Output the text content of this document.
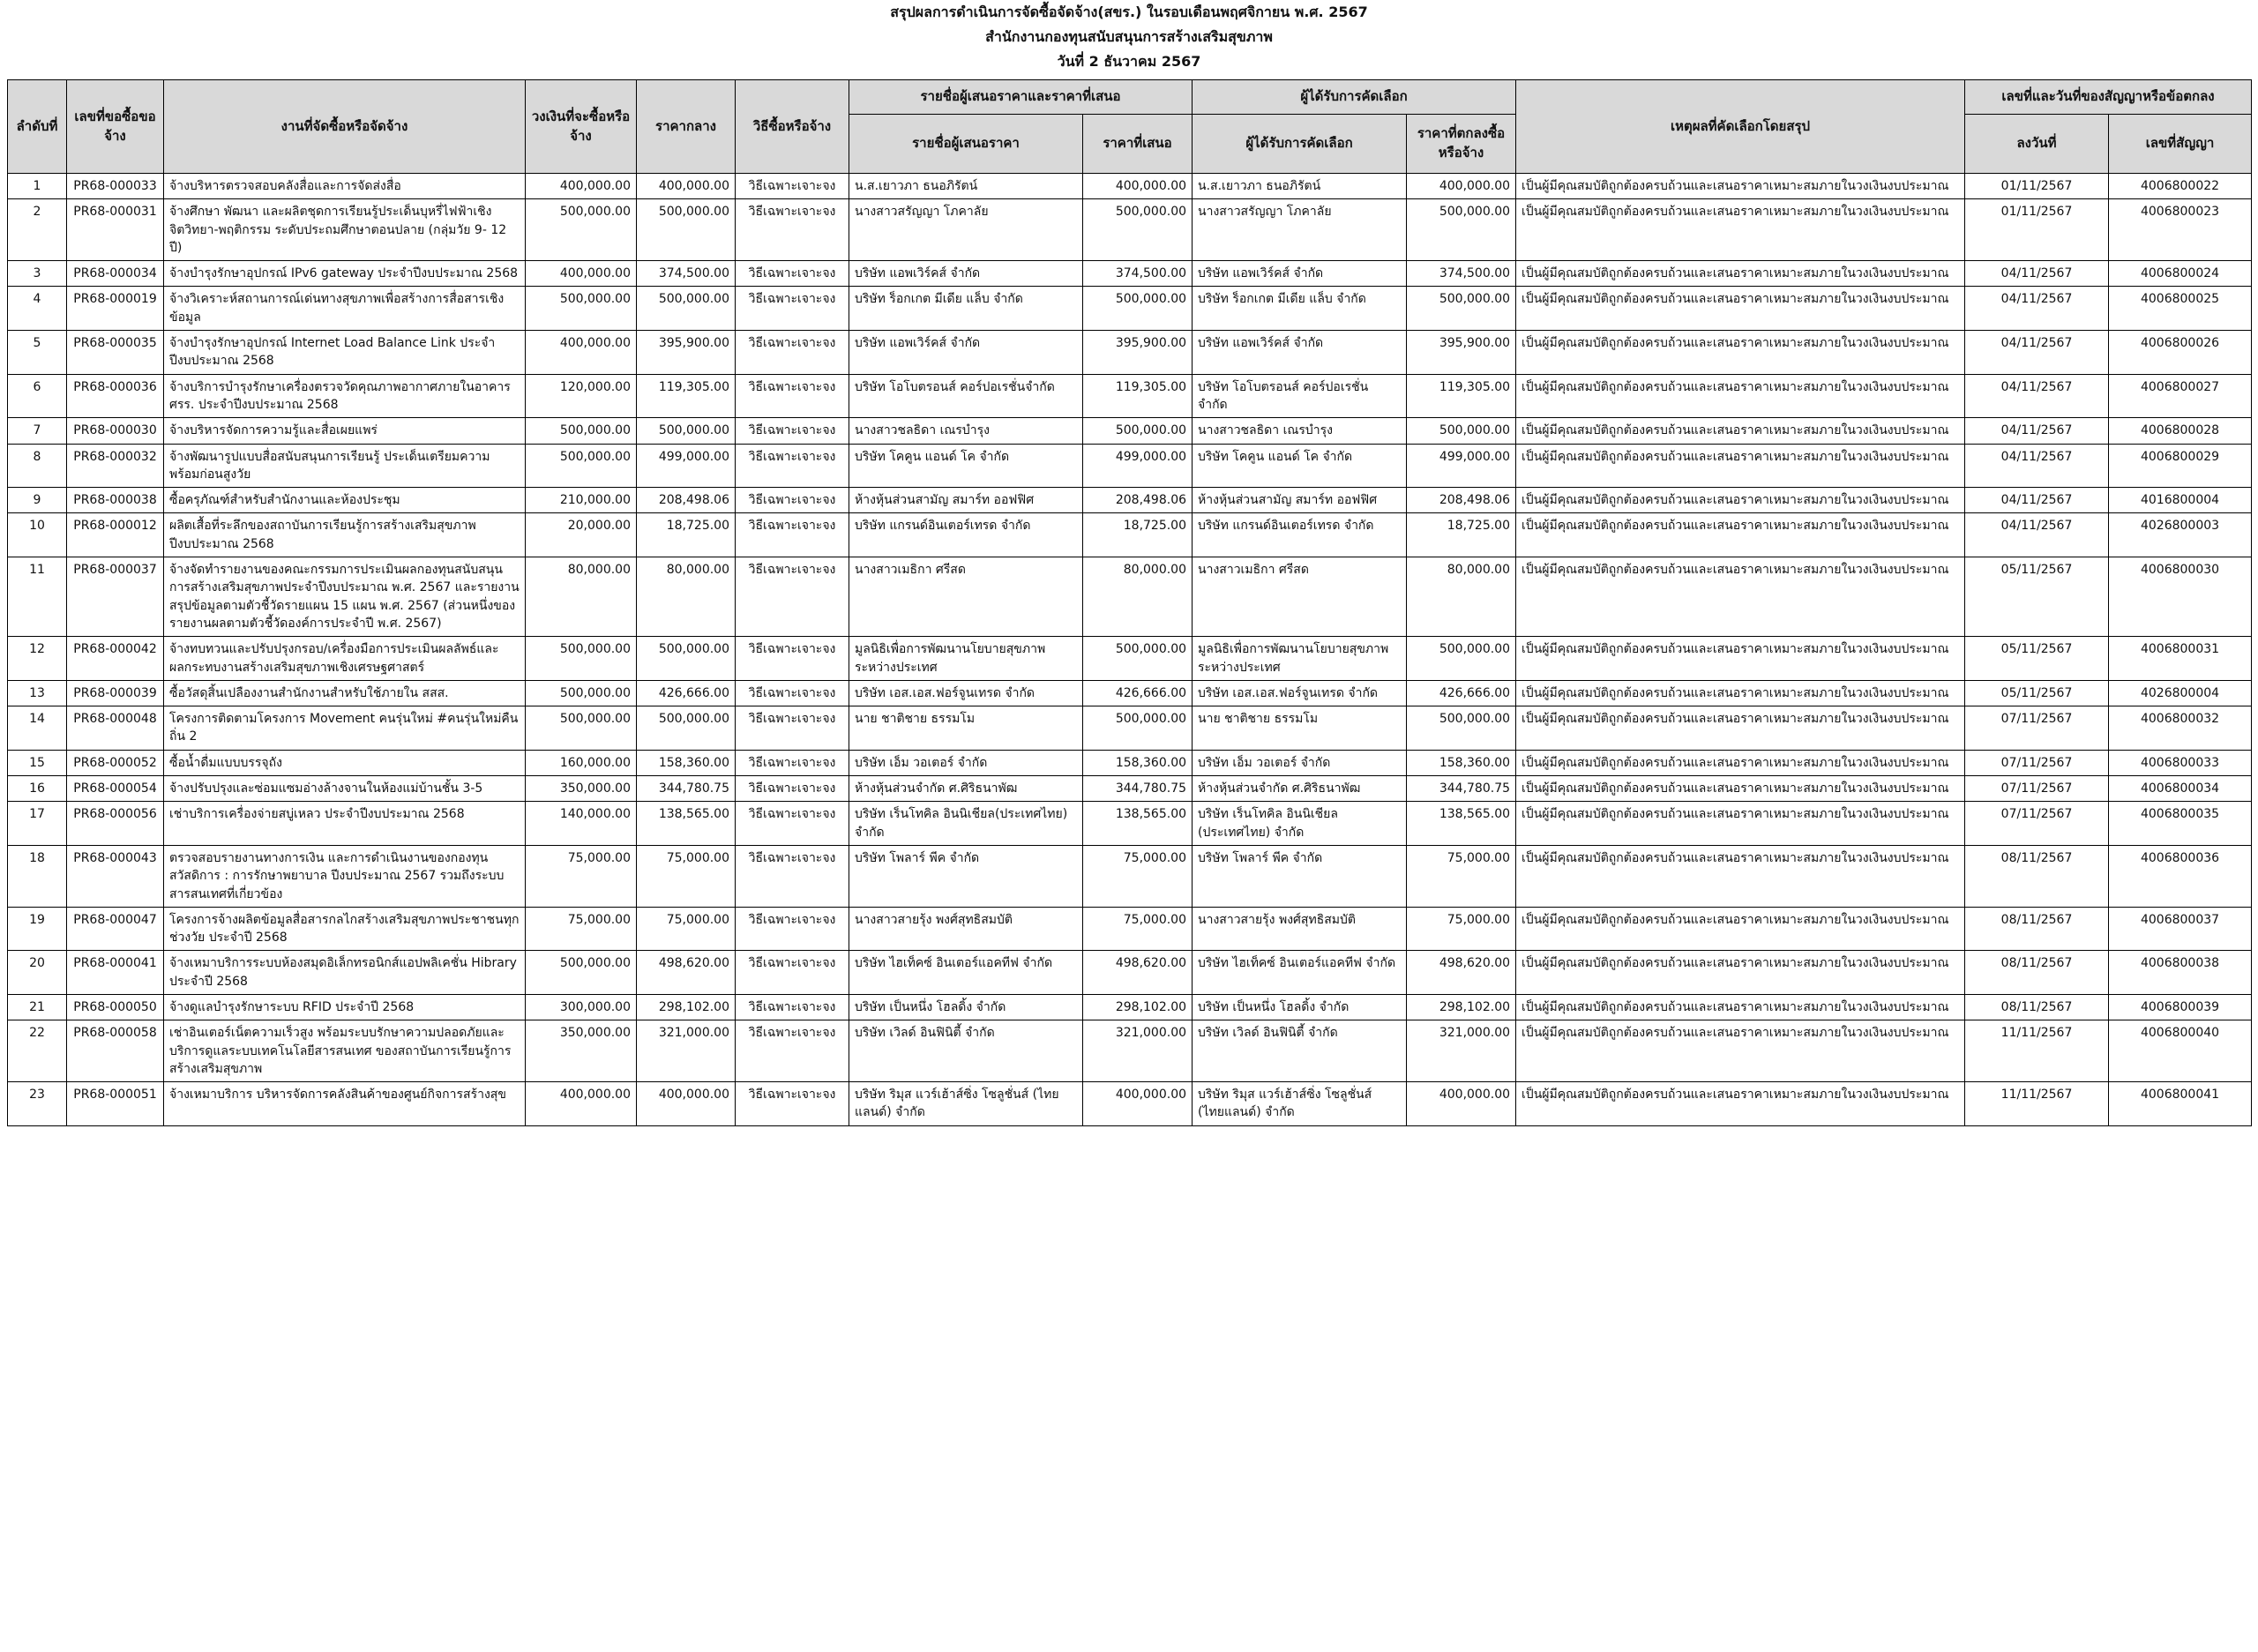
สรุปผลการดำเนินการจัดซื้อจัดจ้าง(สขร.) ในรอบเดือนพฤศจิกายน พ.ศ. 2567
สำนักงานกองทุนสนับสนุนการสร้างเสริมสุขภาพ
วันที่ 2 ธันวาคม 2567
ลำดับที่	เลขที่ขอซื้อขอจ้าง	งานที่จัดซื้อหรือจัดจ้าง	วงเงินที่จะซื้อหรือจ้าง	ราคากลาง	วิธีซื้อหรือจ้าง	รายชื่อผู้เสนอราคาและราคาที่เสนอ		ผู้ได้รับการคัดเลือก		เหตุผลที่คัดเลือกโดยสรุป	เลขที่และวันที่ของสัญญาหรือข้อตกลง	
						รายชื่อผู้เสนอราคา	ราคาที่เสนอ	ผู้ได้รับการคัดเลือก	ราคาที่ตกลงซื้อหรือจ้าง		ลงวันที่	เลขที่สัญญา
1	PR68-000033	จ้างบริหารตรวจสอบคลังสื่อและการจัดส่งสื่อ	400,000.00	400,000.00	วิธีเฉพาะเจาะจง	น.ส.เยาวภา ธนอภิรัตน์	400,000.00	น.ส.เยาวภา ธนอภิรัตน์	400,000.00	เป็นผู้มีคุณสมบัติถูกต้องครบถ้วนและเสนอราคาเหมาะสมภายในวงเงินงบประมาณ	01/11/2567	4006800022
2	PR68-000031	จ้างศึกษา พัฒนา และผลิตชุดการเรียนรู้ประเด็นบุหรี่ไฟฟ้าเชิงจิตวิทยา-พฤติกรรม ระดับประถมศึกษาตอนปลาย (กลุ่มวัย 9- 12 ปี)	500,000.00	500,000.00	วิธีเฉพาะเจาะจง	นางสาวสรัญญา โภคาลัย	500,000.00	นางสาวสรัญญา โภคาลัย	500,000.00	เป็นผู้มีคุณสมบัติถูกต้องครบถ้วนและเสนอราคาเหมาะสมภายในวงเงินงบประมาณ	01/11/2567	4006800023
3	PR68-000034	จ้างบำรุงรักษาอุปกรณ์ IPv6 gateway ประจำปีงบประมาณ 2568	400,000.00	374,500.00	วิธีเฉพาะเจาะจง	บริษัท แอพเวิร์คส์ จำกัด	374,500.00	บริษัท แอพเวิร์คส์ จำกัด	374,500.00	เป็นผู้มีคุณสมบัติถูกต้องครบถ้วนและเสนอราคาเหมาะสมภายในวงเงินงบประมาณ	04/11/2567	4006800024
4	PR68-000019	จ้างวิเคราะห์สถานการณ์เด่นทางสุขภาพเพื่อสร้างการสื่อสารเชิงข้อมูล	500,000.00	500,000.00	วิธีเฉพาะเจาะจง	บริษัท ร็อกเกต มีเดีย แล็บ จำกัด	500,000.00	บริษัท ร็อกเกต มีเดีย แล็บ จำกัด	500,000.00	เป็นผู้มีคุณสมบัติถูกต้องครบถ้วนและเสนอราคาเหมาะสมภายในวงเงินงบประมาณ	04/11/2567	4006800025
5	PR68-000035	จ้างบำรุงรักษาอุปกรณ์ Internet Load Balance Link ประจำปีงบประมาณ 2568	400,000.00	395,900.00	วิธีเฉพาะเจาะจง	บริษัท แอพเวิร์คส์ จำกัด	395,900.00	บริษัท แอพเวิร์คส์ จำกัด	395,900.00	เป็นผู้มีคุณสมบัติถูกต้องครบถ้วนและเสนอราคาเหมาะสมภายในวงเงินงบประมาณ	04/11/2567	4006800026
6	PR68-000036	จ้างบริการบำรุงรักษาเครื่องตรวจวัดคุณภาพอากาศภายในอาคาร ศรร. ประจำปีงบประมาณ 2568	120,000.00	119,305.00	วิธีเฉพาะเจาะจง	บริษัท โอโบตรอนส์ คอร์ปอเรชั่นจำกัด	119,305.00	บริษัท โอโบตรอนส์ คอร์ปอเรชั่น จำกัด	119,305.00	เป็นผู้มีคุณสมบัติถูกต้องครบถ้วนและเสนอราคาเหมาะสมภายในวงเงินงบประมาณ	04/11/2567	4006800027
7	PR68-000030	จ้างบริหารจัดการความรู้และสื่อเผยแพร่	500,000.00	500,000.00	วิธีเฉพาะเจาะจง	นางสาวชลธิดา เณรบำรุง	500,000.00	นางสาวชลธิดา เณรบำรุง	500,000.00	เป็นผู้มีคุณสมบัติถูกต้องครบถ้วนและเสนอราคาเหมาะสมภายในวงเงินงบประมาณ	04/11/2567	4006800028
8	PR68-000032	จ้างพัฒนารูปแบบสื่อสนับสนุนการเรียนรู้ ประเด็นเตรียมความพร้อมก่อนสูงวัย	500,000.00	499,000.00	วิธีเฉพาะเจาะจง	บริษัท โคคูน แอนด์ โค จำกัด	499,000.00	บริษัท โคคูน แอนด์ โค จำกัด	499,000.00	เป็นผู้มีคุณสมบัติถูกต้องครบถ้วนและเสนอราคาเหมาะสมภายในวงเงินงบประมาณ	04/11/2567	4006800029
9	PR68-000038	ซื้อครุภัณฑ์สำหรับสำนักงานและห้องประชุม	210,000.00	208,498.06	วิธีเฉพาะเจาะจง	ห้างหุ้นส่วนสามัญ สมาร์ท ออฟฟิศ	208,498.06	ห้างหุ้นส่วนสามัญ สมาร์ท ออฟฟิศ	208,498.06	เป็นผู้มีคุณสมบัติถูกต้องครบถ้วนและเสนอราคาเหมาะสมภายในวงเงินงบประมาณ	04/11/2567	4016800004
10	PR68-000012	ผลิตเสื้อที่ระลึกของสถาบันการเรียนรู้การสร้างเสริมสุขภาพ ปีงบประมาณ 2568	20,000.00	18,725.00	วิธีเฉพาะเจาะจง	บริษัท แกรนด์อินเตอร์เทรด จำกัด	18,725.00	บริษัท แกรนด์อินเตอร์เทรด จำกัด	18,725.00	เป็นผู้มีคุณสมบัติถูกต้องครบถ้วนและเสนอราคาเหมาะสมภายในวงเงินงบประมาณ	04/11/2567	4026800003
11	PR68-000037	จ้างจัดทำรายงานของคณะกรรมการประเมินผลกองทุนสนับสนุนการสร้างเสริมสุขภาพประจำปีงบประมาณ พ.ศ. 2567 และรายงานสรุปข้อมูลตามตัวชี้วัดรายแผน 15 แผน พ.ศ. 2567 (ส่วนหนึ่งของรายงานผลตามตัวชี้วัดองค์การประจำปี พ.ศ. 2567)	80,000.00	80,000.00	วิธีเฉพาะเจาะจง	นางสาวเมธิกา ศรีสด	80,000.00	นางสาวเมธิกา ศรีสด	80,000.00	เป็นผู้มีคุณสมบัติถูกต้องครบถ้วนและเสนอราคาเหมาะสมภายในวงเงินงบประมาณ	05/11/2567	4006800030
12	PR68-000042	จ้างทบทวนและปรับปรุงกรอบ/เครื่องมือการประเมินผลลัพธ์และผลกระทบงานสร้างเสริมสุขภาพเชิงเศรษฐศาสตร์	500,000.00	500,000.00	วิธีเฉพาะเจาะจง	มูลนิธิเพื่อการพัฒนานโยบายสุขภาพระหว่างประเทศ	500,000.00	มูลนิธิเพื่อการพัฒนานโยบายสุขภาพระหว่างประเทศ	500,000.00	เป็นผู้มีคุณสมบัติถูกต้องครบถ้วนและเสนอราคาเหมาะสมภายในวงเงินงบประมาณ	05/11/2567	4006800031
13	PR68-000039	ซื้อวัสดุสิ้นเปลืองงานสำนักงานสำหรับใช้ภายใน สสส.	500,000.00	426,666.00	วิธีเฉพาะเจาะจง	บริษัท เอส.เอส.ฟอร์จูนเทรด จำกัด	426,666.00	บริษัท เอส.เอส.ฟอร์จูนเทรด จำกัด	426,666.00	เป็นผู้มีคุณสมบัติถูกต้องครบถ้วนและเสนอราคาเหมาะสมภายในวงเงินงบประมาณ	05/11/2567	4026800004
14	PR68-000048	โครงการติดตามโครงการ Movement คนรุ่นใหม่ #คนรุ่นใหม่คืนถิ่น 2	500,000.00	500,000.00	วิธีเฉพาะเจาะจง	นาย ชาติชาย ธรรมโม	500,000.00	นาย ชาติชาย ธรรมโม	500,000.00	เป็นผู้มีคุณสมบัติถูกต้องครบถ้วนและเสนอราคาเหมาะสมภายในวงเงินงบประมาณ	07/11/2567	4006800032
15	PR68-000052	ซื้อน้ำดื่มแบบบรรจุถัง	160,000.00	158,360.00	วิธีเฉพาะเจาะจง	บริษัท เอ็ม วอเตอร์ จำกัด	158,360.00	บริษัท เอ็ม วอเตอร์ จำกัด	158,360.00	เป็นผู้มีคุณสมบัติถูกต้องครบถ้วนและเสนอราคาเหมาะสมภายในวงเงินงบประมาณ	07/11/2567	4006800033
16	PR68-000054	จ้างปรับปรุงและซ่อมแซมอ่างล้างจานในห้องแม่บ้านชั้น 3-5	350,000.00	344,780.75	วิธีเฉพาะเจาะจง	ห้างหุ้นส่วนจำกัด ศ.ศิริธนาพัฒ	344,780.75	ห้างหุ้นส่วนจำกัด ศ.ศิริธนาพัฒ	344,780.75	เป็นผู้มีคุณสมบัติถูกต้องครบถ้วนและเสนอราคาเหมาะสมภายในวงเงินงบประมาณ	07/11/2567	4006800034
17	PR68-000056	เช่าบริการเครื่องจ่ายสบู่เหลว ประจำปีงบประมาณ 2568	140,000.00	138,565.00	วิธีเฉพาะเจาะจง	บริษัท เร็นโทคิล อินนิเชียล(ประเทศไทย) จำกัด	138,565.00	บริษัท เร็นโทคิล อินนิเชียล (ประเทศไทย) จำกัด	138,565.00	เป็นผู้มีคุณสมบัติถูกต้องครบถ้วนและเสนอราคาเหมาะสมภายในวงเงินงบประมาณ	07/11/2567	4006800035
18	PR68-000043	ตรวจสอบรายงานทางการเงิน และการดำเนินงานของกองทุนสวัสดิการ : การรักษาพยาบาล ปีงบประมาณ 2567 รวมถึงระบบสารสนเทศที่เกี่ยวข้อง	75,000.00	75,000.00	วิธีเฉพาะเจาะจง	บริษัท โพลาร์ พีค จำกัด	75,000.00	บริษัท โพลาร์ พีค จำกัด	75,000.00	เป็นผู้มีคุณสมบัติถูกต้องครบถ้วนและเสนอราคาเหมาะสมภายในวงเงินงบประมาณ	08/11/2567	4006800036
19	PR68-000047	โครงการจ้างผลิตข้อมูลสื่อสารกลไกสร้างเสริมสุขภาพประชาชนทุกช่วงวัย ประจำปี 2568	75,000.00	75,000.00	วิธีเฉพาะเจาะจง	นางสาวสายรุ้ง พงศ์สุทธิสมบัติ	75,000.00	นางสาวสายรุ้ง พงศ์สุทธิสมบัติ	75,000.00	เป็นผู้มีคุณสมบัติถูกต้องครบถ้วนและเสนอราคาเหมาะสมภายในวงเงินงบประมาณ	08/11/2567	4006800037
20	PR68-000041	จ้างเหมาบริการระบบห้องสมุดอิเล็กทรอนิกส์แอปพลิเคชั่น Hibrary ประจำปี 2568	500,000.00	498,620.00	วิธีเฉพาะเจาะจง	บริษัท ไฮเท็คซ์ อินเตอร์แอคทีฟ จำกัด	498,620.00	บริษัท ไฮเท็คซ์ อินเตอร์แอคทีฟ จำกัด	498,620.00	เป็นผู้มีคุณสมบัติถูกต้องครบถ้วนและเสนอราคาเหมาะสมภายในวงเงินงบประมาณ	08/11/2567	4006800038
21	PR68-000050	จ้างดูแลบำรุงรักษาระบบ RFID ประจำปี 2568	300,000.00	298,102.00	วิธีเฉพาะเจาะจง	บริษัท เป็นหนึ่ง โฮลดิ้ง จำกัด	298,102.00	บริษัท เป็นหนึ่ง โฮลดิ้ง จำกัด	298,102.00	เป็นผู้มีคุณสมบัติถูกต้องครบถ้วนและเสนอราคาเหมาะสมภายในวงเงินงบประมาณ	08/11/2567	4006800039
22	PR68-000058	เช่าอินเตอร์เน็ตความเร็วสูง พร้อมระบบรักษาความปลอดภัยและบริการดูแลระบบเทคโนโลยีสารสนเทศ ของสถาบันการเรียนรู้การสร้างเสริมสุขภาพ	350,000.00	321,000.00	วิธีเฉพาะเจาะจง	บริษัท เวิลด์ อินฟินิตี้ จำกัด	321,000.00	บริษัท เวิลด์ อินฟินิตี้ จำกัด	321,000.00	เป็นผู้มีคุณสมบัติถูกต้องครบถ้วนและเสนอราคาเหมาะสมภายในวงเงินงบประมาณ	11/11/2567	4006800040
23	PR68-000051	จ้างเหมาบริการ บริหารจัดการคลังสินค้าของศูนย์กิจการสร้างสุข	400,000.00	400,000.00	วิธีเฉพาะเจาะจง	บริษัท ริมุส แวร์เฮ้าส์ซิ่ง โซลูชั่นส์ (ไทยแลนด์) จำกัด	400,000.00	บริษัท ริมุส แวร์เฮ้าส์ซิ่ง โซลูชั่นส์ (ไทยแลนด์) จำกัด	400,000.00	เป็นผู้มีคุณสมบัติถูกต้องครบถ้วนและเสนอราคาเหมาะสมภายในวงเงินงบประมาณ	11/11/2567	4006800041
